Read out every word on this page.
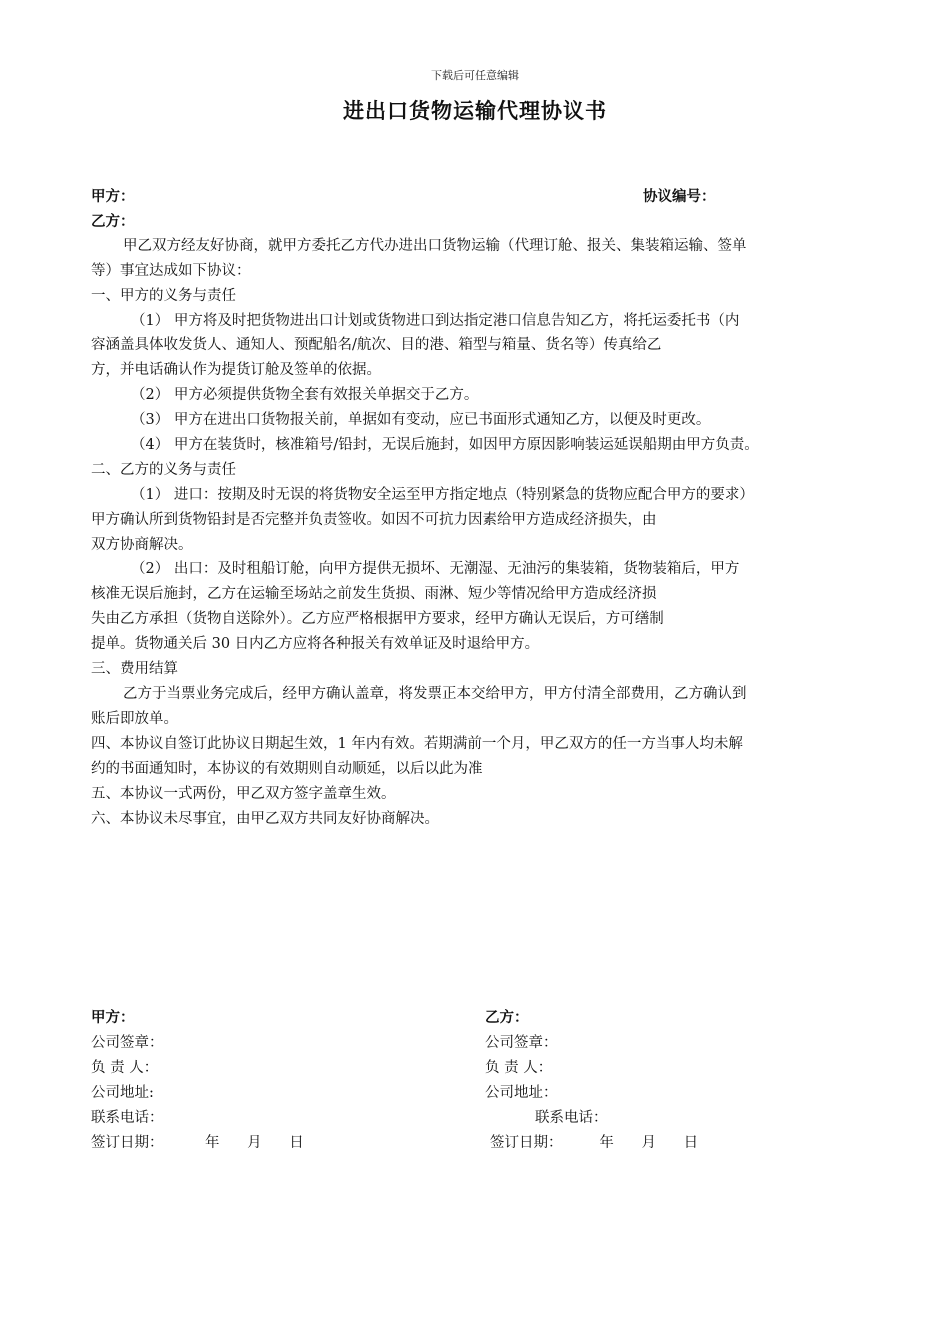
下载后可任意编辑
进出口货物运输代理协议书
甲方：	协议编号：
乙方：
甲乙双方经友好协商，就甲方委托乙方代办进出口货物运输（代理订舱、报关、集装箱运输、签单
等）事宜达成如下协议：
一、甲方的义务与责任
（1） 甲方将及时把货物进出口计划或货物进口到达指定港口信息告知乙方，将托运委托书（内
容涵盖具体收发货人、通知人、预配船名/航次、目的港、箱型与箱量、货名等）传真给乙
方，并电话确认作为提货订舱及签单的依据。
（2） 甲方必须提供货物全套有效报关单据交于乙方。
（3） 甲方在进出口货物报关前，单据如有变动，应已书面形式通知乙方，以便及时更改。
（4） 甲方在装货时，核准箱号/铅封，无误后施封，如因甲方原因影响装运延误船期由甲方负责。
二、乙方的义务与责任
（1） 进口：按期及时无误的将货物安全运至甲方指定地点（特别紧急的货物应配合甲方的要求）
甲方确认所到货物铅封是否完整并负责签收。如因不可抗力因素给甲方造成经济损失，由
双方协商解决。
（2） 出口：及时租船订舱，向甲方提供无损坏、无潮湿、无油污的集装箱，货物装箱后，甲方
核准无误后施封，乙方在运输至场站之前发生货损、雨淋、短少等情况给甲方造成经济损
失由乙方承担（货物自送除外）。乙方应严格根据甲方要求，经甲方确认无误后，方可缮制
提单。货物通关后 30 日内乙方应将各种报关有效单证及时退给甲方。
三、费用结算
乙方于当票业务完成后，经甲方确认盖章，将发票正本交给甲方，甲方付清全部费用，乙方确认到
账后即放单。
四、本协议自签订此协议日期起生效，1 年内有效。若期满前一个月，甲乙双方的任一方当事人均未解
约的书面通知时，本协议的有效期则自动顺延，以后以此为准
五、本协议一式两份，甲乙双方签字盖章生效。
六、本协议未尽事宜，由甲乙双方共同友好协商解决。
甲方：
公司签章：
负 责 人：
公司地址:
联系电话：
签订日期：         年      月      日
乙方：
公司签章：
负 责 人：
公司地址：
联系电话：
签订日期：        年      月      日
